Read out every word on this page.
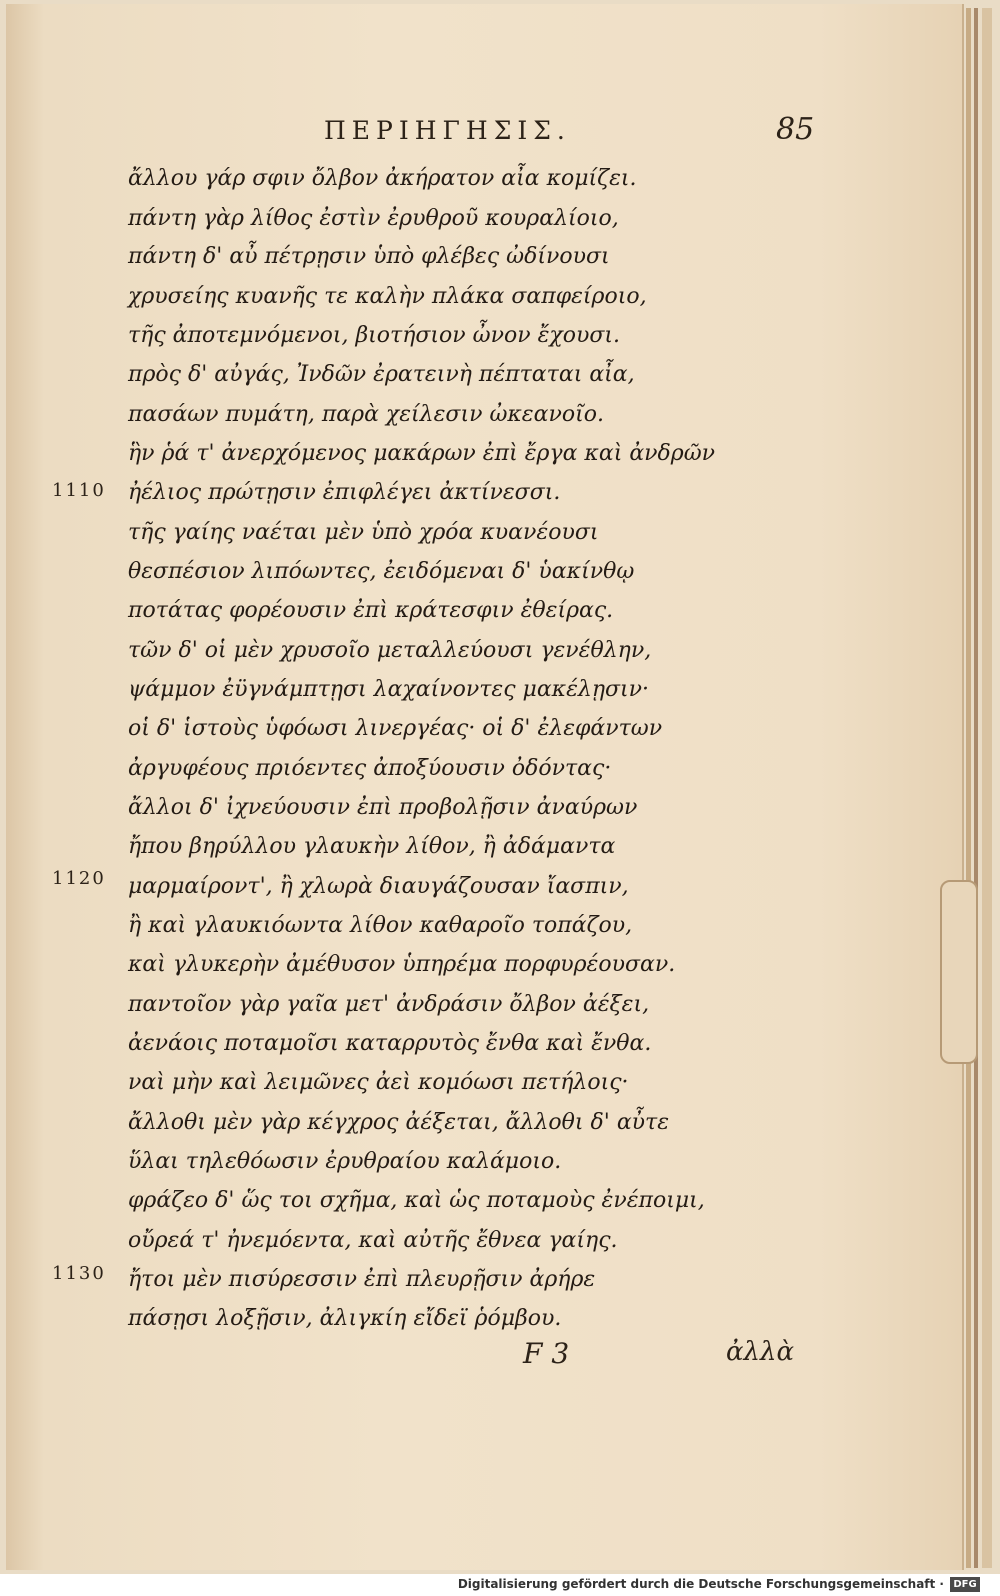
ΠΕΡΙΗΓΗΣΙΣ.	85
ἄλλου γάρ σφιν ὄλβον ἀκήρατον αἶα κομίζει.
πάντη γὰρ λίθος ἐστὶν ἐρυθροῦ κουραλίοιο,
πάντη δ' αὖ πέτρῃσιν ὑπὸ φλέβες ὠδίνουσι
χρυσείης κυανῆς τε καλὴν πλάκα σαπφείροιο,
τῆς ἀποτεμνόμενοι, βιοτήσιον ὦνον ἔχουσι.
πρὸς δ' αὐγάς, Ἰνδῶν ἐρατεινὴ πέπταται αἶα,
πασάων πυμάτη, παρὰ χείλεσιν ὠκεανοῖο.
ἣν ῥά τ' ἀνερχόμενος μακάρων ἐπὶ ἔργα καὶ ἀνδρῶν
ἠέλιος πρώτῃσιν ἐπιφλέγει ἀκτίνεσσι.
τῆς γαίης ναέται μὲν ὑπὸ χρόα κυανέουσι
θεσπέσιον λιπόωντες, ἐειδόμεναι δ' ὑακίνθῳ
ποτάτας φορέουσιν ἐπὶ κράτεσφιν ἐθείρας.
τῶν δ' οἱ μὲν χρυσοῖο μεταλλεύουσι γενέθλην,
ψάμμον ἐϋγνάμπτῃσι λαχαίνοντες μακέλῃσιν·
οἱ δ' ἱστοὺς ὑφόωσι λινεργέας· οἱ δ' ἐλεφάντων
ἀργυφέους πριόεντες ἀποξύουσιν ὀδόντας·
ἄλλοι δ' ἰχνεύουσιν ἐπὶ προβολῇσιν ἀναύρων
ἤπου βηρύλλου γλαυκὴν λίθον, ἢ ἀδάμαντα
μαρμαίροντ', ἢ χλωρὰ διαυγάζουσαν ἴασπιν,
ἢ καὶ γλαυκιόωντα λίθον καθαροῖο τοπάζου,
καὶ γλυκερὴν ἀμέθυσον ὑπηρέμα πορφυρέουσαν.
παντοῖον γὰρ γαῖα μετ' ἀνδράσιν ὄλβον ἀέξει,
ἀενάοις ποταμοῖσι καταρρυτὸς ἔνθα καὶ ἔνθα.
ναὶ μὴν καὶ λειμῶνες ἀεὶ κομόωσι πετήλοις·
ἄλλοθι μὲν γὰρ κέγχρος ἀέξεται, ἄλλοθι δ' αὖτε
ὕλαι τηλεθόωσιν ἐρυθραίου καλάμοιο.
φράζεο δ' ὥς τοι σχῆμα, καὶ ὡς ποταμοὺς ἐνέποιμι,
οὔρεά τ' ἠνεμόεντα, καὶ αὐτῆς ἔθνεα γαίης.
ἤτοι μὲν πισύρεσσιν ἐπὶ πλευρῇσιν ἀρήρε
πάσῃσι λοξῇσιν, ἀλιγκίη εἴδεϊ ῥόμβου.
1110
1120
1130
F 3	ἀλλὰ
Digitalisierung gefördert durch die Deutsche Forschungsgemeinschaft · DFG
